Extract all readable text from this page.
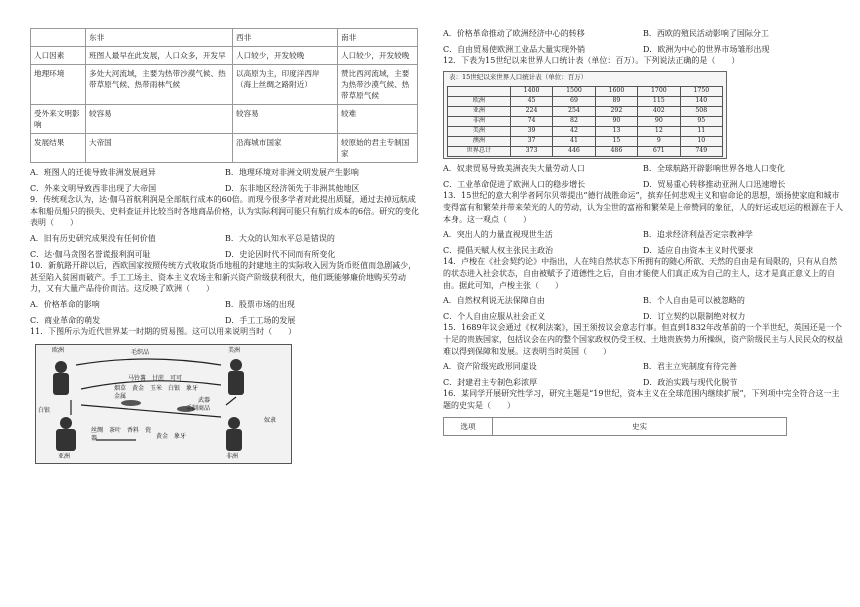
	东非	西非	南非
人口因素	班图人最早在此发展，人口众多，开发早	人口较少，开发较晚	人口较少，开发较晚
地理环境	多处大河流域，主要为热带沙漠气候、热带草原气候、热带雨林气候	以高原为主，印度洋西岸（海上丝绸之路附近）	赞比西河流域，主要为热带沙漠气候、热带草原气候
受外来文明影响	较容易	较容易	较难
发展结果	大帝国	沿海城市国家	较原始的君主专制国家
A．班图人的迁徙导致非洲发展迥异	B．地理环境对非洲文明发展产生影响
C．外来文明导致西非出现了大帝国	D．东非地区经济领先于非洲其他地区

9．传统观念认为，达·伽马首航利润是全部航行成本的60倍。而现今很多学者对此提出质疑，通过去掉远航成本和船员船只的损失、史料查证并比较当时各地商品价格，认为实际利润可能只有航行成本的6倍。研究的变化表明（　　）

A．旧有历史研究成果没有任何价值	B．大众的认知水平总是错误的
C．达·伽马贪图名誉谎报利润可耻	D．史论因时代不同而有所变化

10．新航路开辟以后，西欧国家按照传统方式收取货币地租的封建地主的实际收入因为货币贬值而急剧减少，甚至陷入贫困而破产。手工工场主、资本主义农场主和新兴资产阶级获利很大，他们既能够廉价地购买劳动力，又有大量产品待价而沽。这反映了欧洲（　　）

A．价格革命的影响	B．股票市场的出现
C．商业革命的萌发	D．手工工场的发展

11．下图所示为近代世界某一时期的贸易图。这可以用来说明当时（　　）

欧洲	美洲
亚洲	非洲
毛织品
马铃薯　甘蔗　可可
烟草　黄金　玉米　白银　象牙　金属	武器
手制商品
白银
丝绸　茶叶　香料　瓷器	黄金　象牙
奴隶
A．价格革命推动了欧洲经济中心的转移	B．西欧的殖民活动影响了国际分工
C．自由贸易使欧洲工业品大量实现外销	D．欧洲为中心的世界市场雏形出现

12．下表为15世纪以来世界人口统计表（单位：百万）。下列说法正确的是（　　）

表：15世纪以来世界人口统计表（单位：百万）
	1400	1500	1600	1700	1750
欧洲	45	69	89	115	140
亚洲	224	254	292	402	508
非洲	74	82	90	90	95
美洲	39	42	13	12	11
澳洲	37	41	15	9	10
世界总计	373	446	486	671	749
A．奴隶贸易导致美洲丧失大量劳动人口	B．全球航路开辟影响世界各地人口变化
C．工业革命促进了欧洲人口的稳步增长	D．贸易重心转移推动亚洲人口迅速增长

13．15世纪的意大利学者阿尔贝蒂提出“德行战胜命运”，摈弃任何悲观主义和宿命论的思想，颂扬使家庭和城市变得富有和繁荣并带来荣光的人的劳动，认为尘世的富裕和繁荣是上帝赞同的象征，人的好运或厄运的根源在于人本身。这一观点（　　）

A．突出人的力量直视现世生活	B．追求经济利益否定宗教神学
C．提倡天赋人权主张民主政治	D．适应自由资本主义时代要求

14．卢梭在《社会契约论》中指出，人在纯自然状态下所拥有的随心所欲、天然的自由是有局限的，只有从自然的状态进入社会状态，自由被赋予了道德性之后，自由才能使人们真正成为自己的主人，这才是真正意义上的自由。据此可知，卢梭主张（　　）

A．自然权利说无法保障自由	B．个人自由是可以被忽略的
C．个人自由应服从社会正义	D．订立契约以限制绝对权力

15．1689年议会通过《权利法案》，国王须按议会意志行事。但直到1832年改革前的一个半世纪，英国还是一个十足的贵族国家，包括议会在内的整个国家政权仍受王权、土地贵族势力所操纵，资产阶级民主与人民民众的权益难以得到保障和发展。这表明当时英国（　　）

A．资产阶级宪政形同虚设	B．君主立宪制度有待完善
C．封建君主专制色彩浓厚	D．政治实践与现代化脱节

16．某同学开展研究性学习，研究主题是“19世纪，资本主义在全球范围内继续扩展”，下列项中完全符合这一主题的史实是（　　）

选项	史实
